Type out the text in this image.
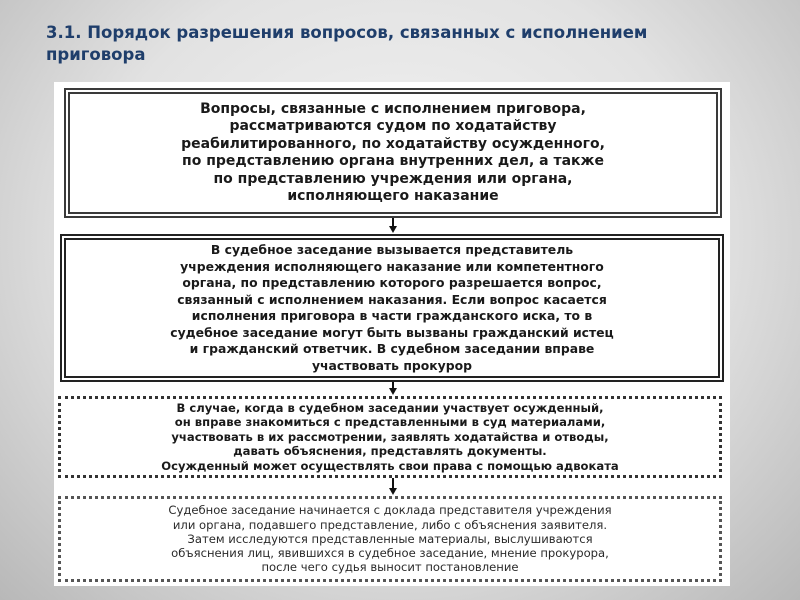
3.1. Порядок разрешения вопросов, связанных с исполнением приговора
Вопросы, связанные с исполнением приговора,
рассматриваются судом по ходатайству
реабилитированного, по ходатайству осужденного,
по представлению органа внутренних дел, а также
по представлению учреждения или органа,
исполняющего наказание
В судебное заседание вызывается представитель
учреждения исполняющего наказание или компетентного
органа, по представлению которого разрешается вопрос,
связанный с исполнением наказания. Если вопрос касается
исполнения приговора в части гражданского иска, то в
судебное заседание могут быть вызваны гражданский истец
и гражданский ответчик. В судебном заседании вправе
участвовать прокурор
В случае, когда в судебном заседании участвует осужденный,
он вправе знакомиться с представленными в суд материалами,
участвовать в их рассмотрении, заявлять ходатайства и отводы,
давать объяснения, представлять документы.
Осужденный может осуществлять свои права с помощью адвоката
Судебное заседание начинается с доклада представителя учреждения
или органа, подавшего представление, либо с объяснения заявителя.
Затем исследуются представленные материалы, выслушиваются
объяснения лиц, явившихся в судебное заседание, мнение прокурора,
после чего судья выносит постановление
